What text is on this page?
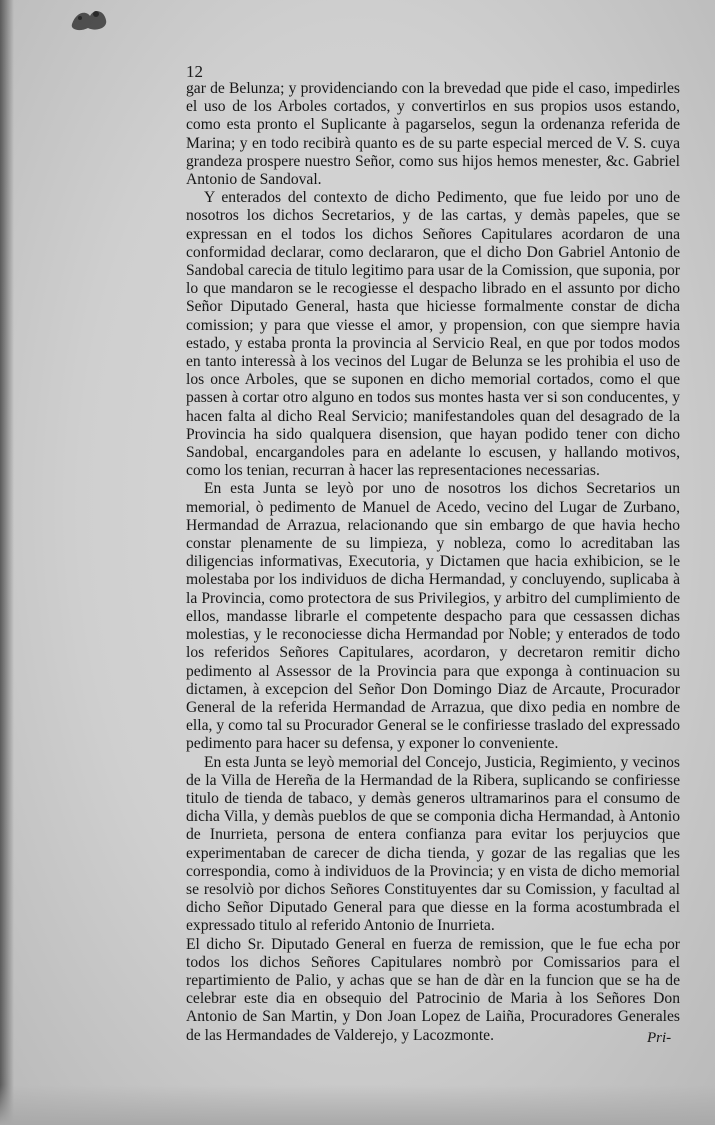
12

gar de Belunza; y providenciando con la brevedad que pide el caso, impedirles el uso de los Arboles cortados, y convertirlos en sus propios usos estando, como esta pronto el Suplicante à pagarselos, segun la ordenanza referida de Marina; y en todo recibirà quanto es de su parte especial merced de V. S. cuya grandeza prospere nuestro Señor, como sus hijos hemos menester, &c. Gabriel Antonio de Sandoval.

Y enterados del contexto de dicho Pedimento, que fue leido por uno de nosotros los dichos Secretarios, y de las cartas, y demàs papeles, que se expressan en el todos los dichos Señores Capitulares acordaron de una conformidad declarar, como declararon, que el dicho Don Gabriel Antonio de Sandobal carecia de titulo legitimo para usar de la Comission, que suponia, por lo que mandaron se le recogiesse el despacho librado en el assunto por dicho Señor Diputado General, hasta que hiciesse formalmente constar de dicha comission; y para que viesse el amor, y propension, con que siempre havia estado, y estaba pronta la provincia al Servicio Real, en que por todos modos en tanto interessà à los vecinos del Lugar de Belunza se les prohibia el uso de los once Arboles, que se suponen en dicho memorial cortados, como el que passen à cortar otro alguno en todos sus montes hasta ver si son conducentes, y hacen falta al dicho Real Servicio; manifestandoles quan del desagrado de la Provincia ha sido qualquera disension, que hayan podido tener con dicho Sandobal, encargandoles para en adelante lo escusen, y hallando motivos, como los tenian, recurran à hacer las representaciones necessarias.

En esta Junta se leyò por uno de nosotros los dichos Secretarios un memorial, ò pedimento de Manuel de Acedo, vecino del Lugar de Zurbano, Hermandad de Arrazua, relacionando que sin embargo de que havia hecho constar plenamente de su limpieza, y nobleza, como lo acreditaban las diligencias informativas, Executoria, y Dictamen que hacia exhibicion, se le molestaba por los individuos de dicha Hermandad, y concluyendo, suplicaba à la Provincia, como protectora de sus Privilegios, y arbitro del cumplimiento de ellos, mandasse librarle el competente despacho para que cessassen dichas molestias, y le reconociesse dicha Hermandad por Noble; y enterados de todo los referidos Señores Capitulares, acordaron, y decretaron remitir dicho pedimento al Assessor de la Provincia para que exponga à continuacion su dictamen, à excepcion del Señor Don Domingo Diaz de Arcaute, Procurador General de la referida Hermandad de Arrazua, que dixo pedia en nombre de ella, y como tal su Procurador General se le confiriesse traslado del expressado pedimento para hacer su defensa, y exponer lo conveniente.

En esta Junta se leyò memorial del Concejo, Justicia, Regimiento, y vecinos de la Villa de Hereña de la Hermandad de la Ribera, suplicando se confiriesse titulo de tienda de tabaco, y demàs generos ultramarinos para el consumo de dicha Villa, y demàs pueblos de que se componia dicha Hermandad, à Antonio de Inurrieta, persona de entera confianza para evitar los perjuycios que experimentaban de carecer de dicha tienda, y gozar de las regalias que les correspondia, como à individuos de la Provincia; y en vista de dicho memorial se resolviò por dichos Señores Constituyentes dar su Comission, y facultad al dicho Señor Diputado General para que diesse en la forma acostumbrada el expressado titulo al referido Antonio de Inurrieta.

El dicho Sr. Diputado General en fuerza de remission, que le fue echa por todos los dichos Señores Capitulares nombrò por Comissarios para el repartimiento de Palio, y achas que se han de dàr en la funcion que se ha de celebrar este dia en obsequio del Patrocinio de Maria à los Señores Don Antonio de San Martin, y Don Joan Lopez de Laiña, Procuradores Generales de las Hermandades de Valderejo, y Lacozmonte.	Pri-
